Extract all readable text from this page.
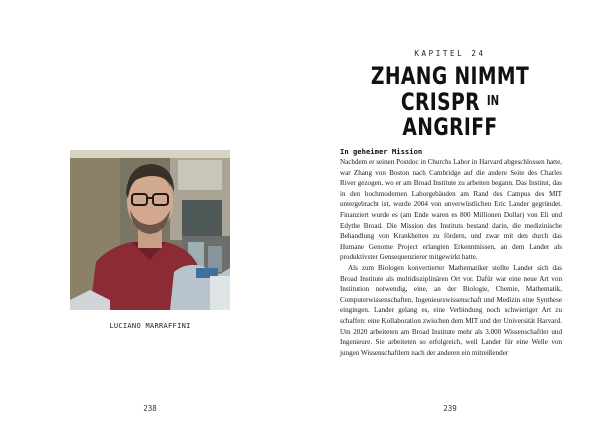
LUCIANO MARRAFFINI
238
KAPITEL 24
ZHANG NIMMT
CRISPR $^{IN}$ ANGRIFF
In geheimer Mission

Nachdem er seinen Postdoc in Churchs Labor in Harvard abgeschlossen hatte, war Zhang von Boston nach Cambridge auf die andere Seite des Charles River gezogen, wo er am Broad Institute zu arbeiten begann. Das Institut, das in den hochmodernen Laborgebäuden am Rand des Campus des MIT untergebracht ist, wurde 2004 von unverwüstlichen Eric Lander gegründet. Finanziert wurde es (am Ende waren es 800 Millionen Dollar) von Eli und Edythe Broad. Die Mission des Instituts bestand darin, die medizinische Behandlung von Krankheiten zu fördern, und zwar mit den durch das Humane Genome Project erlangten Erkenntnissen, an dem Lander als produktivster Gensequenzierer mitgewirkt hatte.

Als zum Biologen konvertierter Mathematiker stellte Lander sich das Broad Institute als multidisziplinären Ort vor. Dafür war eine neue Art von Institution notwendig, eine, an der Biologie, Chemie, Mathematik, Computerwissenschaften, Ingenieurswissenschaft und Medizin eine Synthese eingingen. Lander gelang es, eine Verbindung noch schwieriger Art zu schaffen: eine Kollaboration zwischen dem MIT und der Universität Harvard. Um 2020 arbeiteten am Broad Institute mehr als 3.000 Wissenschaftler und Ingenieure. Sie arbeiteten so erfolgreich, weil Lander für eine Welle von jungen Wissenschaftlern nach der anderen ein mitreißender

239
